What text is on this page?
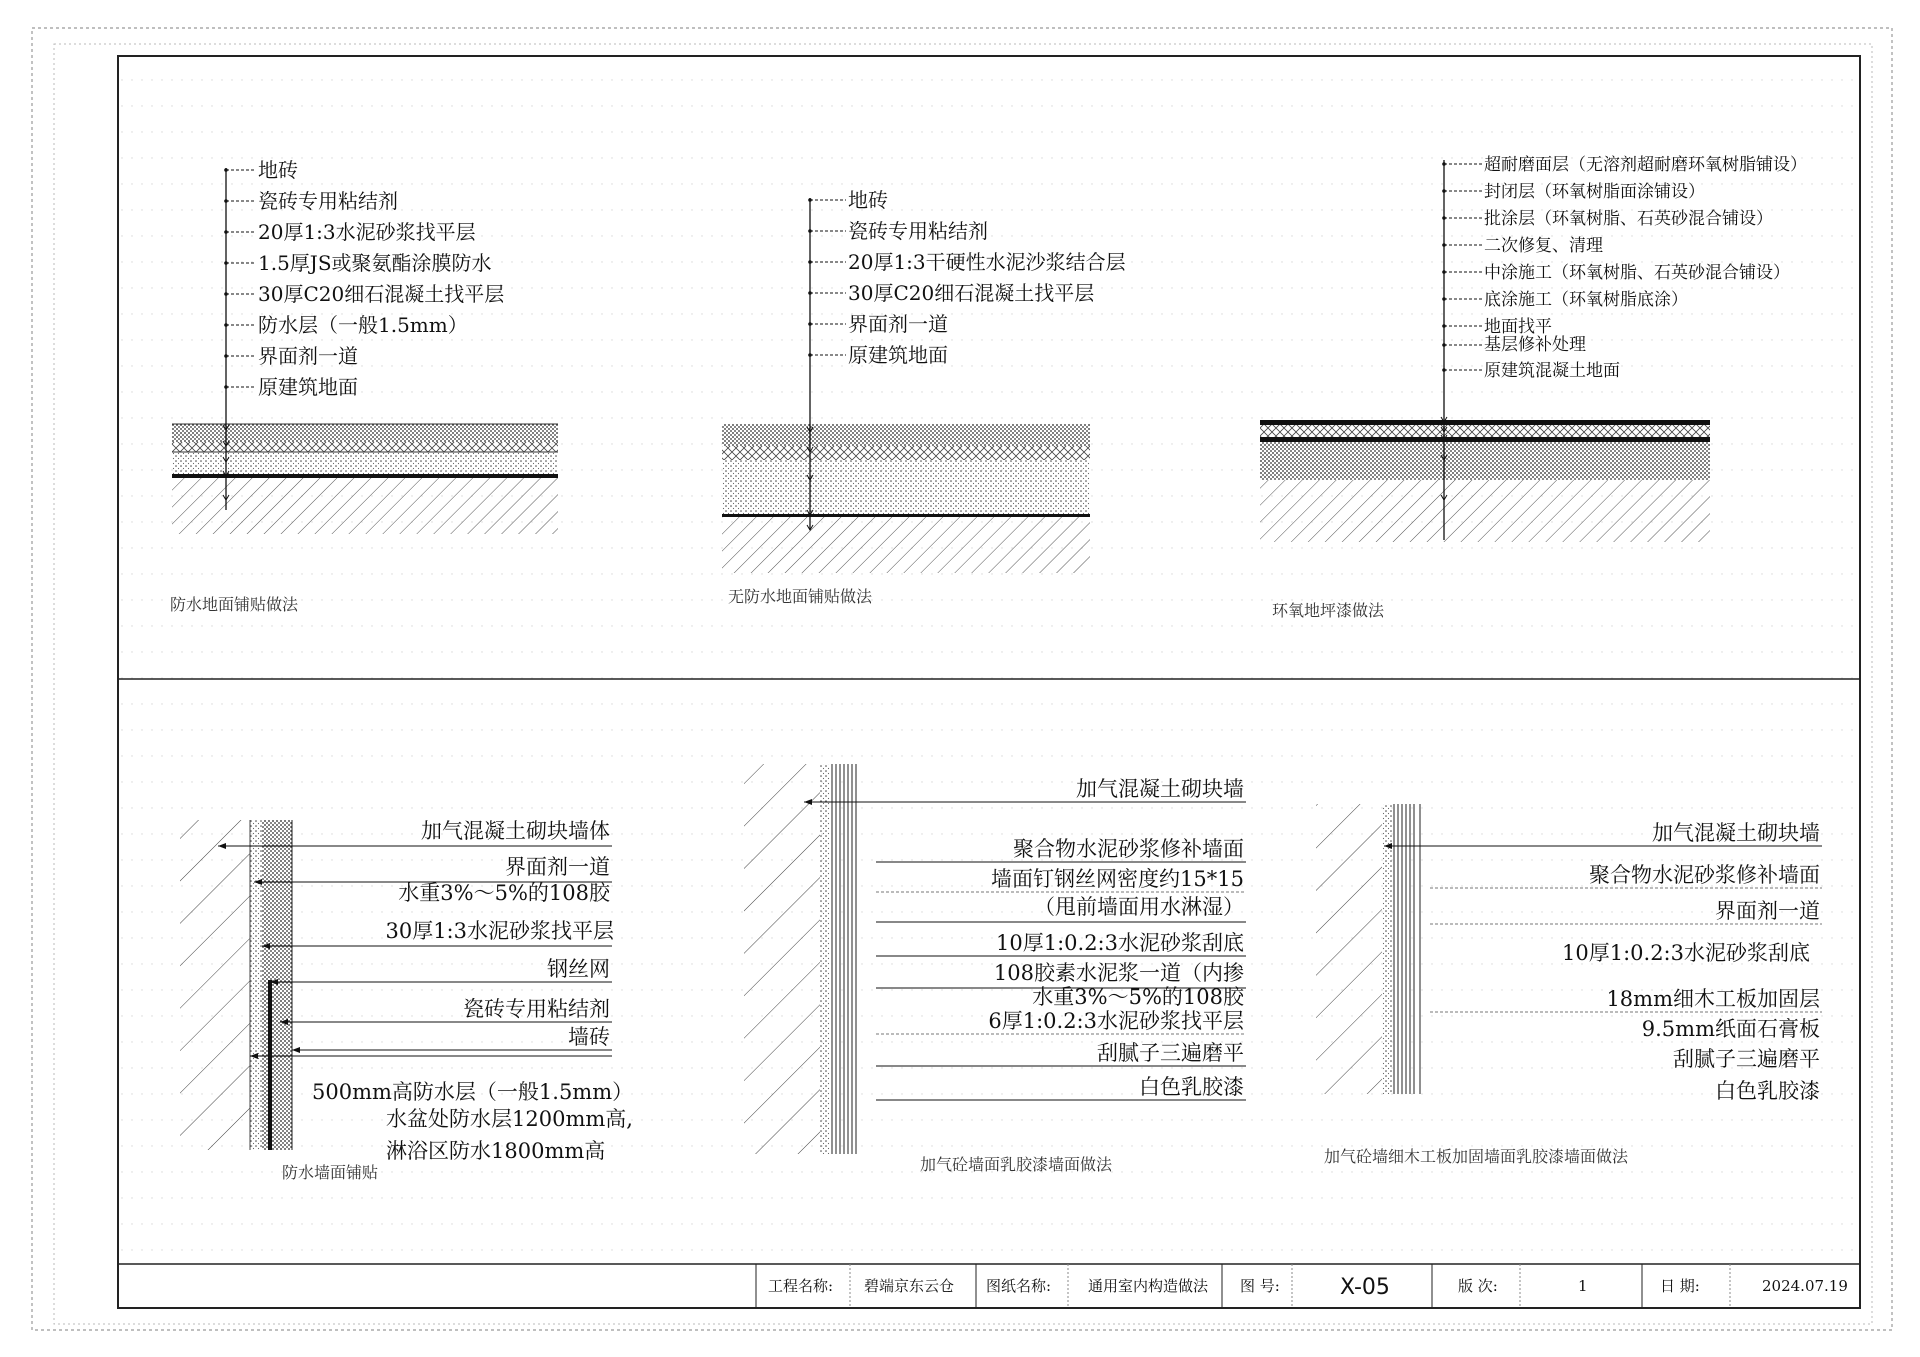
地砖
瓷砖专用粘结剂
20厚1:3水泥砂浆找平层
1.5厚JS或聚氨酯涂膜防水
30厚C20细石混凝土找平层
防水层（一般1.5mm）
界面剂一道
原建筑地面
防水地面铺贴做法
地砖
瓷砖专用粘结剂
20厚1:3干硬性水泥沙浆结合层
30厚C20细石混凝土找平层
界面剂一道
原建筑地面
无防水地面铺贴做法
超耐磨面层（无溶剂超耐磨环氧树脂铺设）
封闭层（环氧树脂面涂铺设）
批涂层（环氧树脂、石英砂混合铺设）
二次修复、清理
中涂施工（环氧树脂、石英砂混合铺设）
底涂施工（环氧树脂底涂）
地面找平
基层修补处理
原建筑混凝土地面
环氧地坪漆做法
加气混凝土砌块墙体
界面剂一道
水重3%～5%的108胶
30厚1:3水泥砂浆找平层
钢丝网
瓷砖专用粘结剂
墙砖
500mm高防水层（一般1.5mm）
水盆处防水层1200mm高,
淋浴区防水1800mm高
防水墙面铺贴
加气混凝土砌块墙
聚合物水泥砂浆修补墙面
墙面钉钢丝网密度约15*15
（甩前墙面用水淋湿）
10厚1:0.2:3水泥砂浆刮底
108胶素水泥浆一道（内掺
水重3%～5%的108胶
6厚1:0.2:3水泥砂浆找平层
刮腻子三遍磨平
白色乳胶漆
加气砼墙面乳胶漆墙面做法
加气混凝土砌块墙
聚合物水泥砂浆修补墙面
界面剂一道
10厚1:0.2:3水泥砂浆刮底
18mm细木工板加固层
9.5mm纸面石膏板
刮腻子三遍磨平
白色乳胶漆
加气砼墙细木工板加固墙面乳胶漆墙面做法
工程名称: 碧端京东云仓 图纸名称: 通用室内构造做法 图 号:	X-05	版 次:	1	日 期:	2024.07.19
